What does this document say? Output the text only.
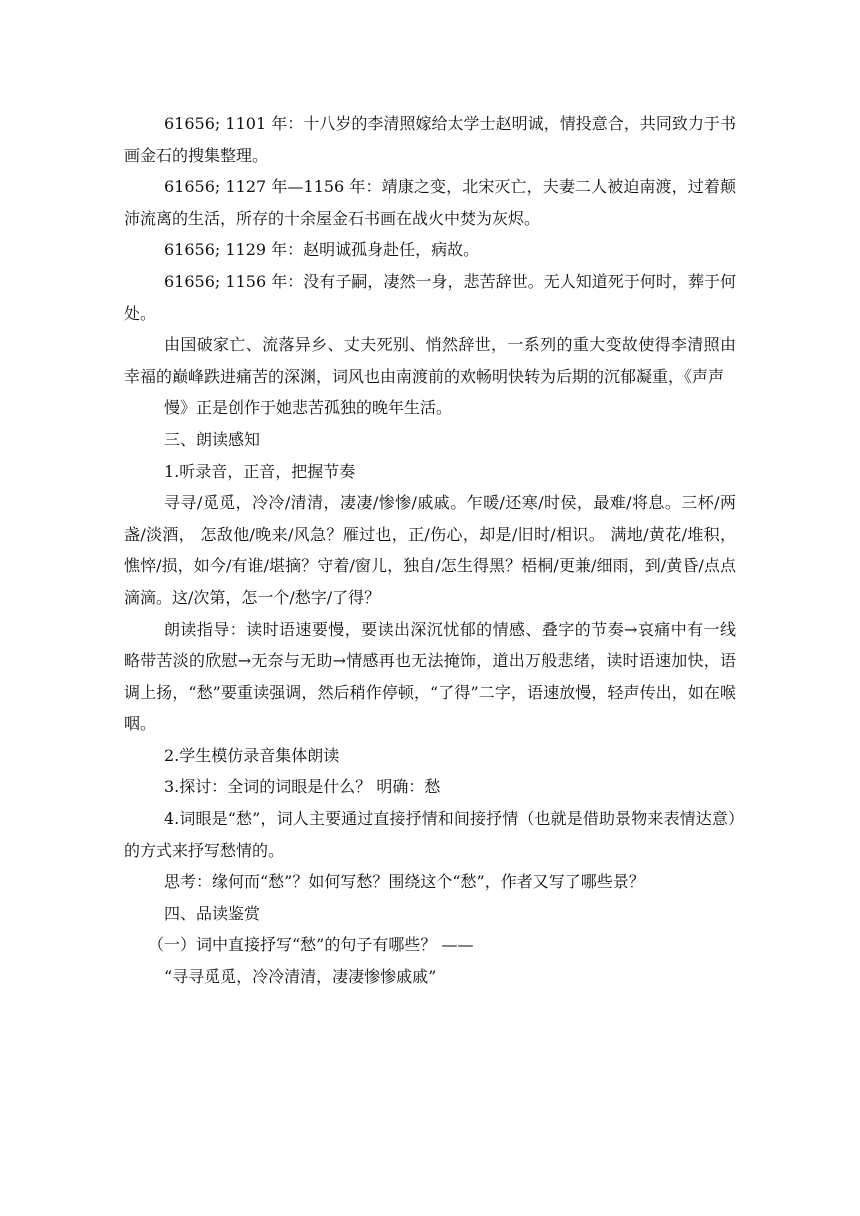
61656; 1101 年：十八岁的李清照嫁给太学士赵明诚，情投意合，共同致力于书画金石的搜集整理。

61656; 1127 年—1156 年：靖康之变，北宋灭亡，夫妻二人被迫南渡，过着颠沛流离的生活，所存的十余屋金石书画在战火中焚为灰烬。

61656; 1129 年：赵明诚孤身赴任，病故。

61656; 1156 年：没有子嗣，凄然一身，悲苦辞世。无人知道死于何时，葬于何处。

由国破家亡、流落异乡、丈夫死别、悄然辞世，一系列的重大变故使得李清照由幸福的巅峰跌进痛苦的深渊，词风也由南渡前的欢畅明快转为后期的沉郁凝重，《声声

慢》正是创作于她悲苦孤独的晚年生活。

三、朗读感知

1.听录音，正音，把握节奏

寻寻/觅觅，冷冷/清清，凄凄/惨惨/戚戚。乍暖/还寒/时侯，最难/将息。三杯/两盏/淡酒， 怎敌他/晚来/风急？雁过也，正/伤心，却是/旧时/相识。 满地/黄花/堆积，憔悴/损，如今/有谁/堪摘？守着/窗儿，独自/怎生得黑？梧桐/更兼/细雨，到/黄昏/点点滴滴。这/次第，怎一个/愁字/了得？

朗读指导：读时语速要慢，要读出深沉忧郁的情感、叠字的节奏→哀痛中有一线略带苦淡的欣慰→无奈与无助→情感再也无法掩饰，道出万般悲绪，读时语速加快，语调上扬，“愁”要重读强调，然后稍作停顿，“了得”二字，语速放慢，轻声传出，如在喉咽。

2.学生模仿录音集体朗读

3.探讨：全词的词眼是什么？ 明确：愁

4.词眼是“愁”，词人主要通过直接抒情和间接抒情（也就是借助景物来表情达意）的方式来抒写愁情的。

思考：缘何而“愁”？如何写愁？围绕这个“愁”，作者又写了哪些景？

四、品读鉴赏

（一）词中直接抒写“愁”的句子有哪些？ ——

“寻寻觅觅，冷冷清清，凄凄惨惨戚戚”
